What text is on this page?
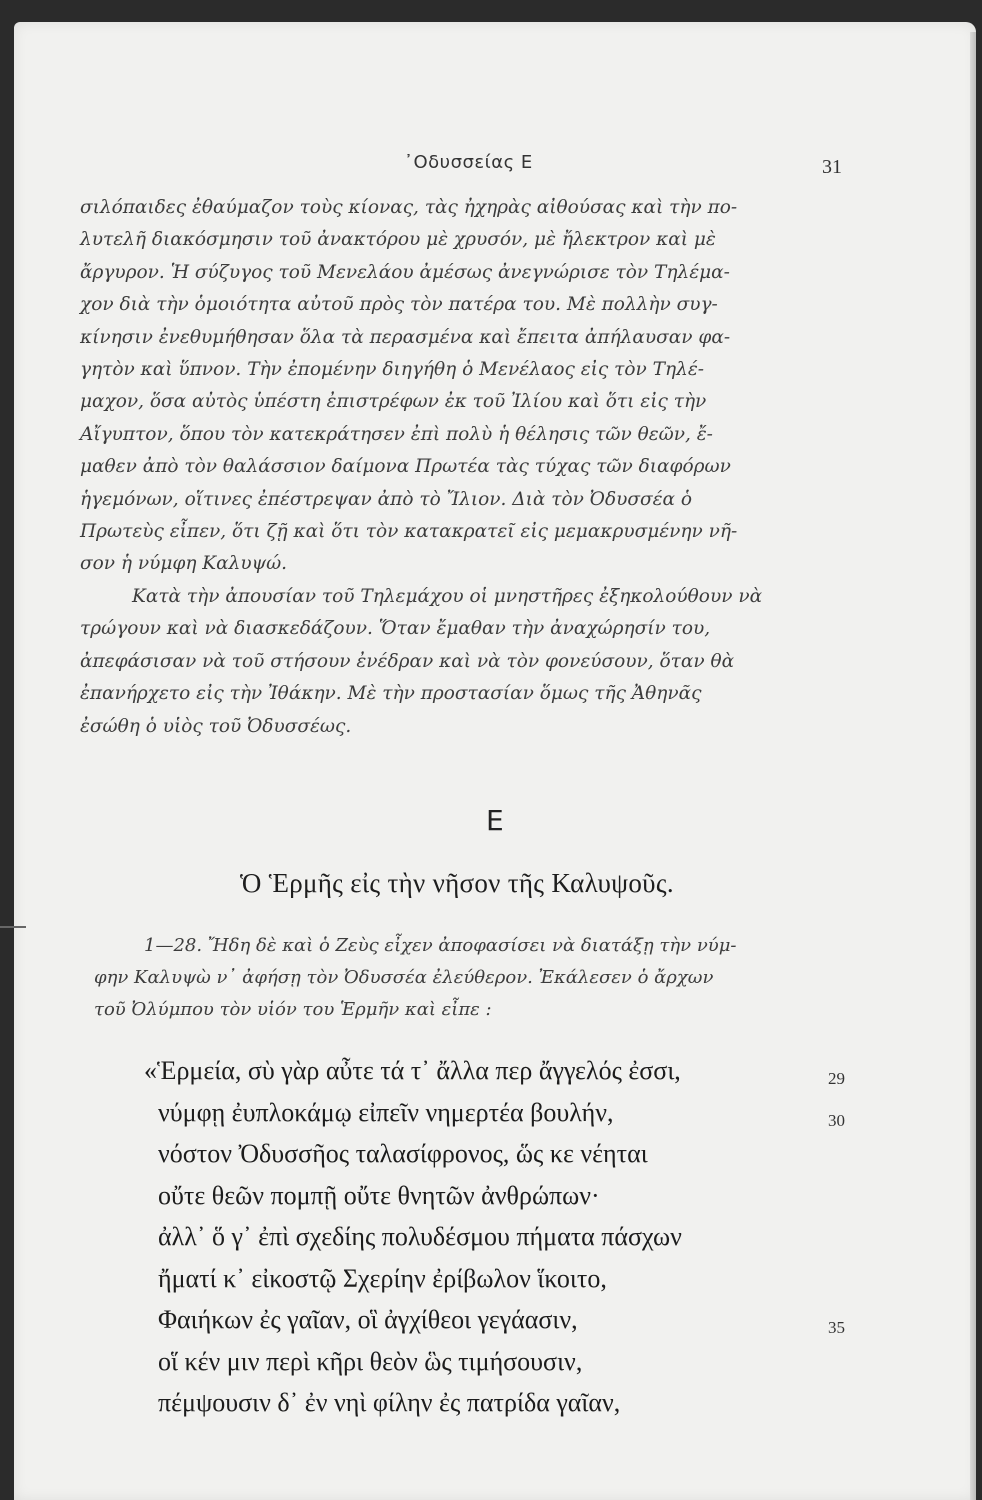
᾿Οδυσσείας Ε	31

σιλόπαιδες ἐθαύμαζον τοὺς κίονας, τὰς ἠχηρὰς αἰθούσας καὶ τὴν πο-

λυτελῆ διακόσμησιν τοῦ ἀνακτόρου μὲ χρυσόν, μὲ ἤλεκτρον καὶ μὲ

ἄργυρον. Ἡ σύζυγος τοῦ Μενελάου ἀμέσως ἀνεγνώρισε τὸν Τηλέμα-

χον διὰ τὴν ὁμοιότητα αὐτοῦ πρὸς τὸν πατέρα του. Μὲ πολλὴν συγ-

κίνησιν ἐνεθυμήθησαν ὅλα τὰ περασμένα καὶ ἔπειτα ἀπήλαυσαν φα-

γητὸν καὶ ὕπνον. Τὴν ἐπομένην διηγήθη ὁ Μενέλαος εἰς τὸν Τηλέ-

μαχον, ὅσα αὐτὸς ὑπέστη ἐπιστρέφων ἐκ τοῦ Ἰλίου καὶ ὅτι εἰς τὴν

Αἴγυπτον, ὅπου τὸν κατεκράτησεν ἐπὶ πολὺ ἡ θέλησις τῶν θεῶν, ἔ-

μαθεν ἀπὸ τὸν θαλάσσιον δαίμονα Πρωτέα τὰς τύχας τῶν διαφόρων

ἡγεμόνων, οἵτινες ἐπέστρεψαν ἀπὸ τὸ Ἴλιον. Διὰ τὸν Ὀδυσσέα ὁ

Πρωτεὺς εἶπεν, ὅτι ζῇ καὶ ὅτι τὸν κατακρατεῖ εἰς μεμακρυσμένην νῆ-

σον ἡ νύμφη Καλυψώ.

Κατὰ τὴν ἀπουσίαν τοῦ Τηλεμάχου οἱ μνηστῆρες ἐξηκολούθουν νὰ

τρώγουν καὶ νὰ διασκεδάζουν. Ὅταν ἔμαθαν τὴν ἀναχώρησίν του,

ἀπεφάσισαν νὰ τοῦ στήσουν ἐνέδραν καὶ νὰ τὸν φονεύσουν, ὅταν θὰ

ἐπανήρχετο εἰς τὴν Ἰθάκην. Μὲ τὴν προστασίαν ὅμως τῆς Ἀθηνᾶς

ἐσώθη ὁ υἱὸς τοῦ Ὀδυσσέως.

Ε
Ὁ Ἑρμῆς εἰς τὴν νῆσον τῆς Καλυψοῦς.

1—28. Ἤδη δὲ καὶ ὁ Ζεὺς εἶχεν ἀποφασίσει νὰ διατάξῃ τὴν νύμ-

φην Καλυψὼ ν᾿ ἀφήσῃ τὸν Ὀδυσσέα ἐλεύθερον. Ἐκάλεσεν ὁ ἄρχων

τοῦ Ὀλύμπου τὸν υἱόν του Ἑρμῆν καὶ εἶπε :

«Ἑρμεία, σὺ γὰρ αὖτε τά τ᾿ ἄλλα περ ἄγγελός ἐσσι,	29
νύμφῃ ἐυπλοκάμῳ εἰπεῖν νημερτέα βουλήν,	30
νόστον Ὀδυσσῆος ταλασίφρονος, ὥς κε νέηται
οὔτε θεῶν πομπῇ οὔτε θνητῶν ἀνθρώπων·
ἀλλ᾿ ὅ γ᾿ ἐπὶ σχεδίης πολυδέσμου πήματα πάσχων
ἤματί κ᾿ εἰκοστῷ Σχερίην ἐρίβωλον ἵκοιτο,
Φαιήκων ἐς γαῖαν, οἳ ἀγχίθεοι γεγάασιν,	35
οἵ κέν μιν περὶ κῆρι θεὸν ὣς τιμήσουσιν,
πέμψουσιν δ᾿ ἐν νηὶ φίλην ἐς πατρίδα γαῖαν,
